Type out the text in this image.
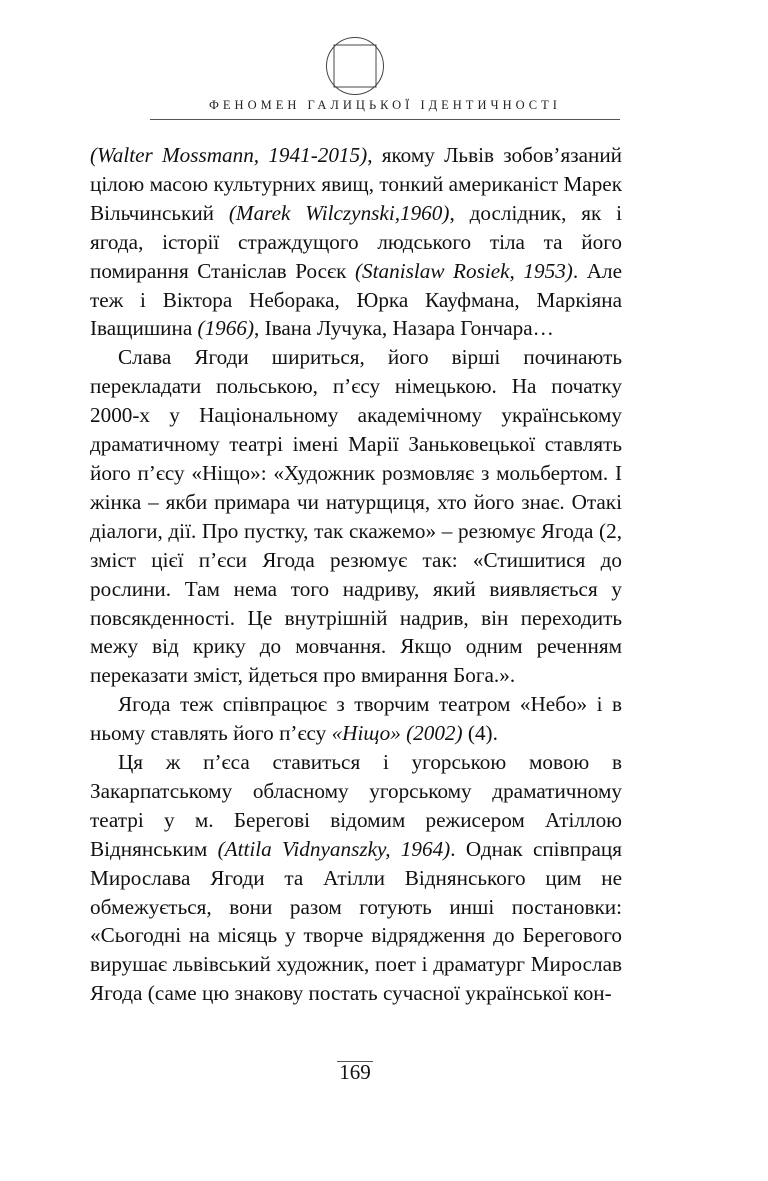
ФЕНОМЕН ГАЛИЦЬКОЇ ІДЕНТИЧНОСТІ

(Walter Mossmann, 1941-2015), якому Львів зобов’язаний цілою масою культурних явищ, тонкий американіст Марек Вільчинський (Marek Wilczynski,1960), дослідник, як і ягода, історії страждущого людського тіла та його помирання Станіслав Росєк (Stanislaw Rosiek, 1953). Але теж і Віктора Неборака, Юрка Кауфмана, Маркіяна Іващишина (1966), Івана Лучука, Назара Гончара…

Слава Ягоди шириться, його вірші починають перекладати польською, п’єсу німецькою. На початку 2000-х у Національному академічному українському драматичному театрі імені Марії Заньковецької ставлять його п’єсу «Ніщо»: «Художник розмовляє з мольбертом. І жінка – якби примара чи натурщиця, хто його знає. Отакі діалоги, дії. Про пустку, так скажемо» – резюмує Ягода (2, зміст цієї п’єси Ягода резюмує так: «Стишитися до рослини. Там нема того надриву, який виявляється у повсякденності. Це внутрішній надрив, він переходить межу від крику до мовчання. Якщо одним реченням переказати зміст, йдеться про вмирання Бога.».

Ягода теж співпрацює з творчим театром «Небо» і в ньому ставлять його п’єсу «Ніщо» (2002) (4).

Ця ж п’єса ставиться і угорською мовою в Закарпатському обласному угорському драматичному театрі у м. Берегові відомим режисером Атіллою Віднянським (Attila Vidnyanszky, 1964). Однак співпраця Мирослава Ягоди та Атілли Віднянського цим не обмежується, вони разом готують инші постановки: «Сьогодні на місяць у творче відрядження до Берегового вирушає львівський художник, поет і драматург Мирослав Ягода (саме цю знакову постать сучасної української кон-

169
